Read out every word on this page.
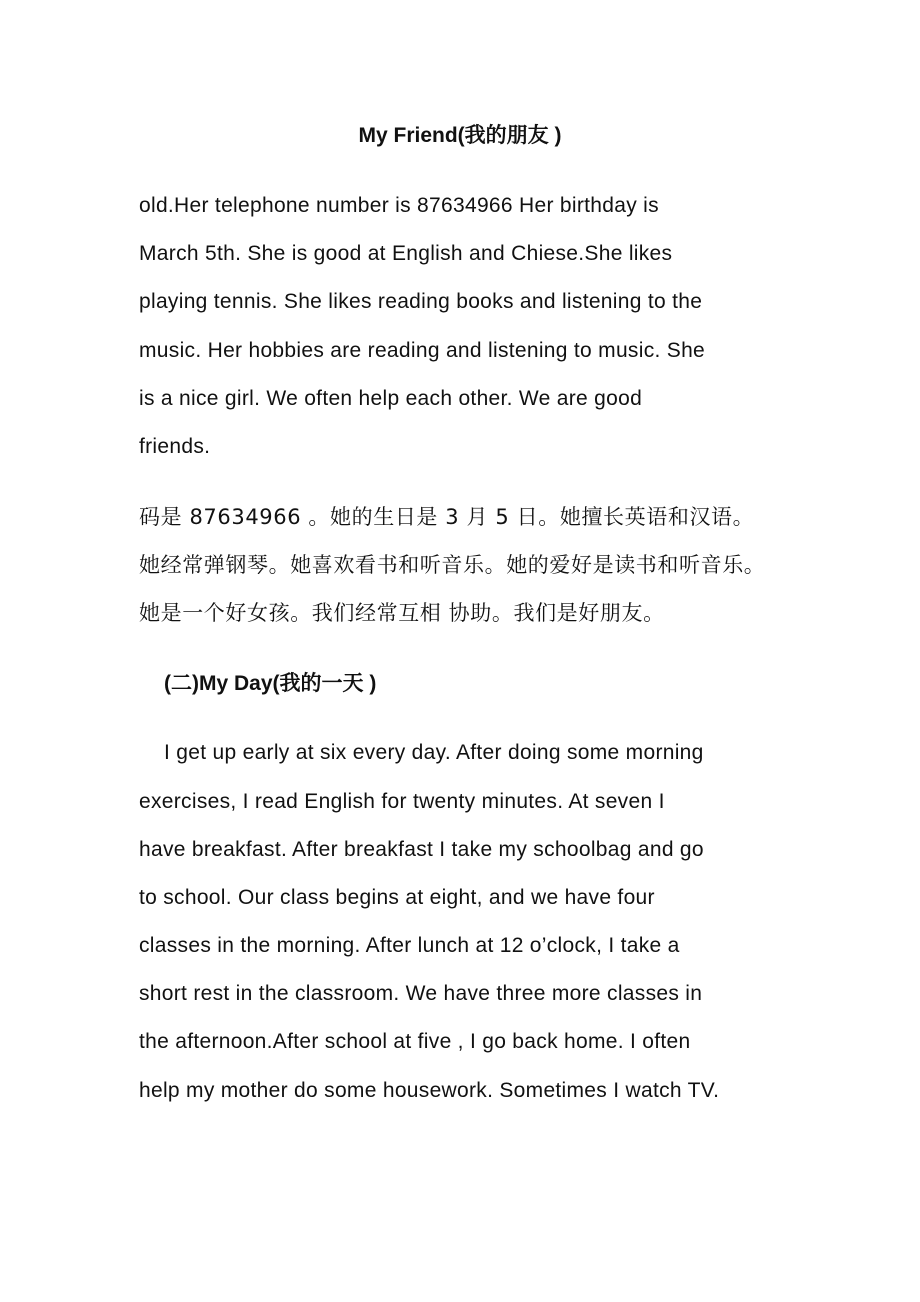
My Friend(我的朋友 )
old.Her telephone number is 87634966 Her birthday is
March 5th. She is good at English and Chiese.She likes
playing tennis. She likes reading books and listening to the
music. Her hobbies are reading and listening to music. She
is a nice girl. We often help each other. We are good
friends.
码是 87634966 。她的生日是 3 月 5 日。她擅长英语和汉语。
她经常弹钢琴。她喜欢看书和听音乐。她的爱好是读书和听音乐。
她是一个好女孩。我们经常互相 协助。我们是好朋友。
(二)My Day(我的一天 )
I get up early at six every day. After doing some morning
exercises, I read English for twenty minutes. At seven I
have breakfast. After breakfast I take my schoolbag and go
to school. Our class begins at eight, and we have four
classes in the morning. After lunch at 12 o’clock, I take a
short rest in the classroom. We have three more classes in
the afternoon.After school at five , I go back home. I often
help my mother do some housework. Sometimes I watch TV.
